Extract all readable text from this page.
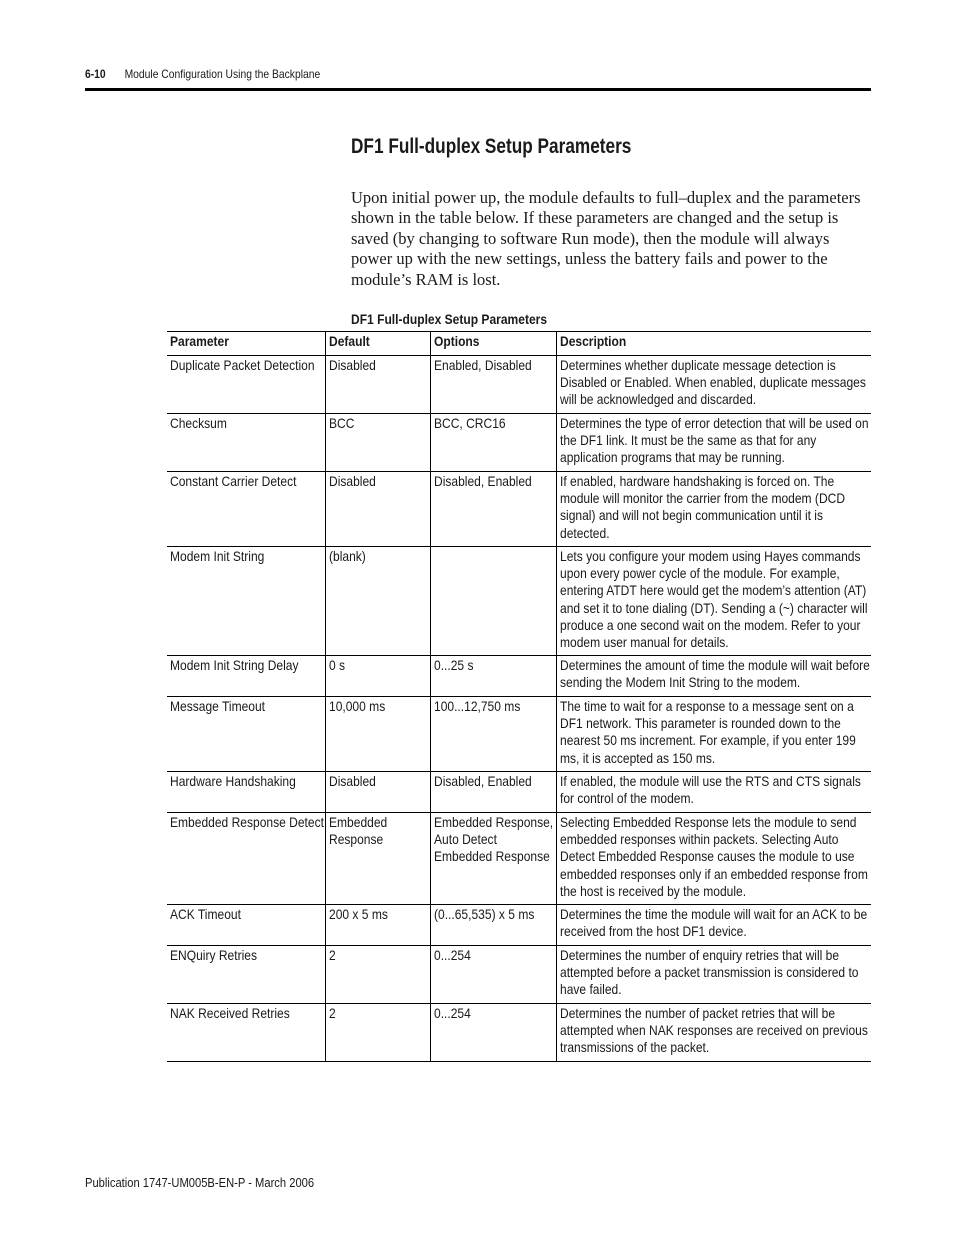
6-10 Module Configuration Using the Backplane
DF1 Full-duplex Setup Parameters

Upon initial power up, the module defaults to full–duplex and the parameters shown in the table below. If these parameters are changed and the setup is saved (by changing to software Run mode), then the module will always power up with the new settings, unless the battery fails and power to the module’s RAM is lost.

DF1 Full-duplex Setup Parameters
Parameter	Default	Options	Description

Duplicate Packet Detection	Disabled	Enabled, Disabled	Determines whether duplicate message detection is Disabled or Enabled. When enabled, duplicate messages will be acknowledged and discarded.

Checksum	BCC	BCC, CRC16	Determines the type of error detection that will be used on the DF1 link. It must be the same as that for any application programs that may be running.

Constant Carrier Detect	Disabled	Disabled, Enabled	If enabled, hardware handshaking is forced on. The module will monitor the carrier from the modem (DCD signal) and will not begin communication until it is detected.

Modem Init String	(blank)		Lets you configure your modem using Hayes commands upon every power cycle of the module. For example, entering ATDT here would get the modem’s attention (AT) and set it to tone dialing (DT). Sending a (~) character will produce a one second wait on the modem. Refer to your modem user manual for details.

Modem Init String Delay	0 s	0...25 s	Determines the amount of time the module will wait before sending the Modem Init String to the modem.

Message Timeout	10,000 ms	100...12,750 ms	The time to wait for a response to a message sent on a DF1 network. This parameter is rounded down to the nearest 50 ms increment. For example, if you enter 199 ms, it is accepted as 150 ms.

Hardware Handshaking	Disabled	Disabled, Enabled	If enabled, the module will use the RTS and CTS signals for control of the modem.

Embedded Response Detect	Embedded Response	Embedded Response, Auto Detect Embedded Response	Selecting Embedded Response lets the module to send embedded responses within packets. Selecting Auto Detect Embedded Response causes the module to use embedded responses only if an embedded response from the host is received by the module.

ACK Timeout	200 x 5 ms	(0...65,535) x 5 ms	Determines the time the module will wait for an ACK to be received from the host DF1 device.

ENQuiry Retries	2	0...254	Determines the number of enquiry retries that will be attempted before a packet transmission is considered to have failed.

NAK Received Retries	2	0...254	Determines the number of packet retries that will be attempted when NAK responses are received on previous transmissions of the packet.
Publication 1747-UM005B-EN-P - March 2006
